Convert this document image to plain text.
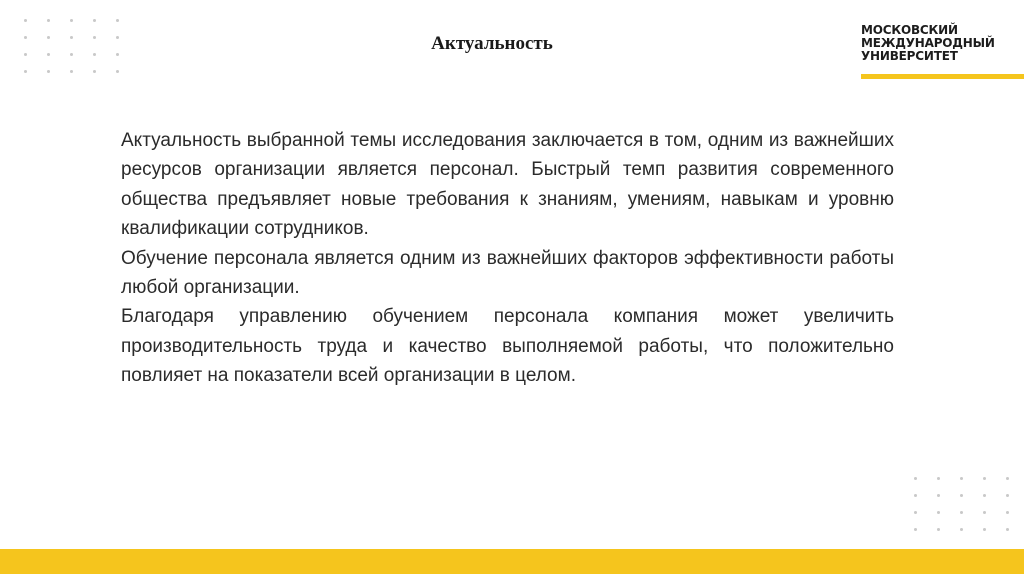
Актуальность
МОСКОВСКИЙ
МЕЖДУНАРОДНЫЙ
УНИВЕРСИТЕТ

Актуальность выбранной темы исследования заключается в том, одним из важнейших ресурсов организации является персонал. Быстрый темп развития современного общества предъявляет новые требования к знаниям, умениям, навыкам и уровню квалификации сотрудников.

Обучение персонала является одним из важнейших факторов эффективности работы любой организации.

Благодаря управлению обучением персонала компания может увеличить производительность труда и качество выполняемой работы, что положительно повлияет на показатели всей организации в целом.
